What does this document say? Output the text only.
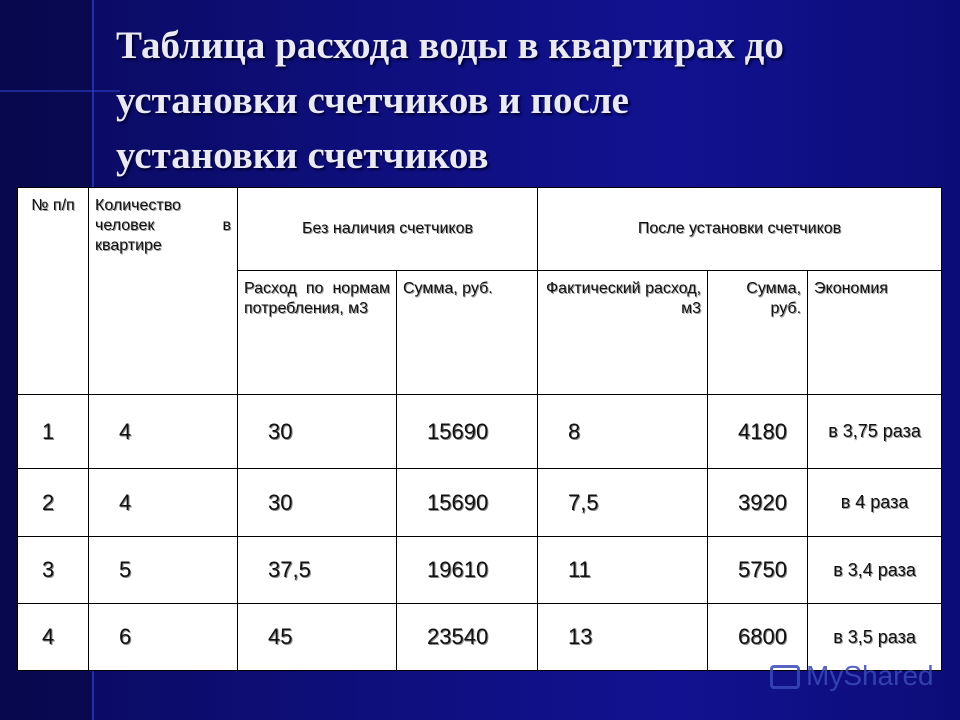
Таблица расхода воды в квартирах до
установки счетчиков и после
установки счетчиков
№ п/п	Количество человек в квартире	Без наличия счетчиков		После установки счетчиков		
		Расход по нормам потребления, м3	Сумма, руб.	Фактический расход, м3	Сумма, руб.	Экономия
1	4	30	15690	8	4180	в 3,75 раза
2	4	30	15690	7,5	3920	в 4 раза
3	5	37,5	19610	11	5750	в 3,4 раза
4	6	45	23540	13	6800	в 3,5 раза
MyShared
